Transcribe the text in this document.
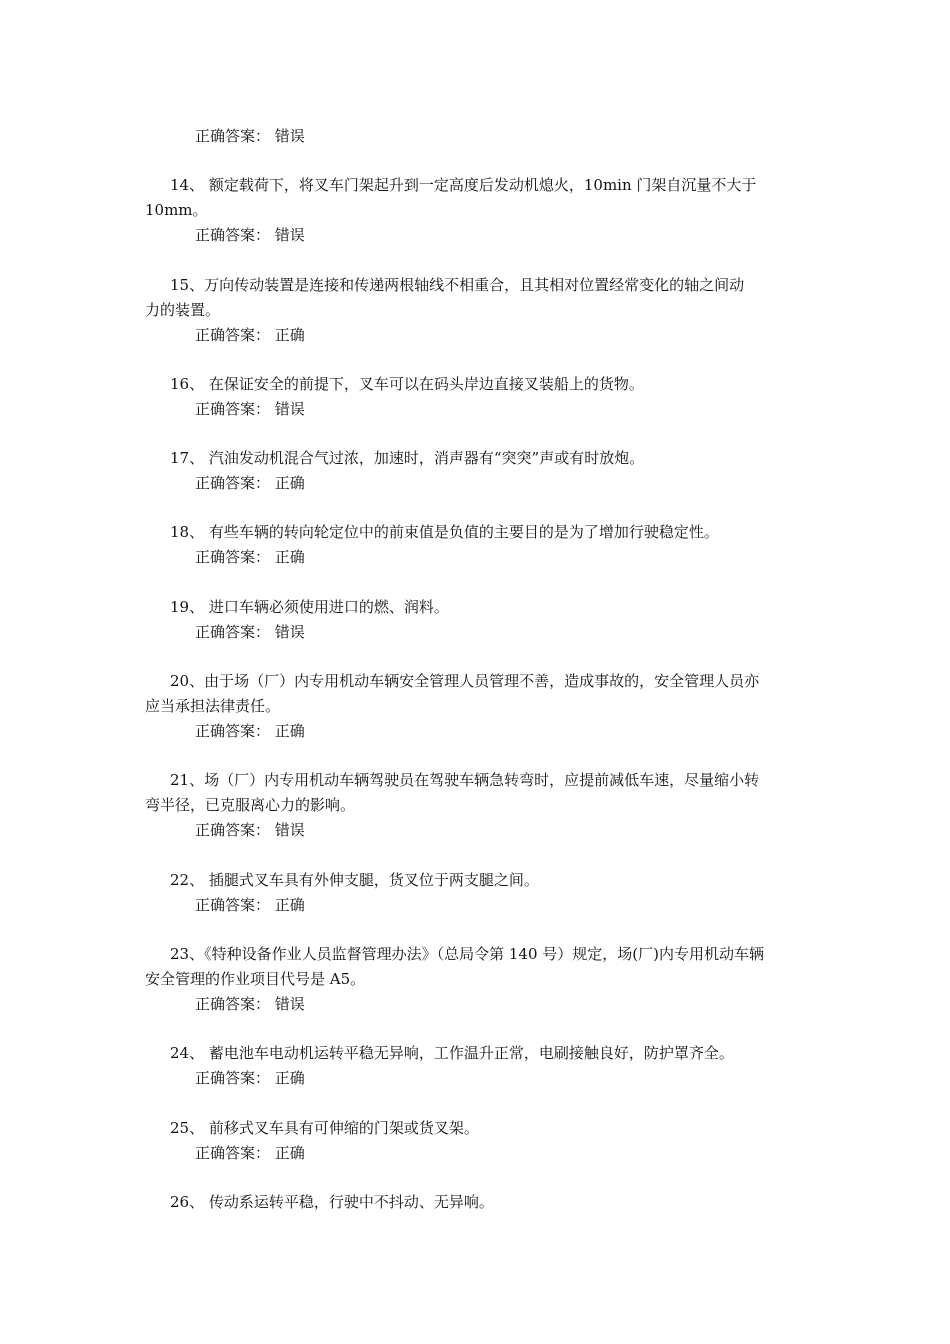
正确答案： 错误
14、 额定载荷下，将叉车门架起升到一定高度后发动机熄火，10min 门架自沉量不大于
10mm。
正确答案： 错误
15、万向传动装置是连接和传递两根轴线不相重合，且其相对位置经常变化的轴之间动
力的装置。
正确答案： 正确
16、 在保证安全的前提下，叉车可以在码头岸边直接叉装船上的货物。
正确答案： 错误
17、 汽油发动机混合气过浓，加速时，消声器有“突突”声或有时放炮。
正确答案： 正确
18、 有些车辆的转向轮定位中的前束值是负值的主要目的是为了增加行驶稳定性。
正确答案： 正确
19、 进口车辆必须使用进口的燃、润料。
正确答案： 错误
20、由于场（厂）内专用机动车辆安全管理人员管理不善，造成事故的，安全管理人员亦
应当承担法律责任。
正确答案： 正确
21、场（厂）内专用机动车辆驾驶员在驾驶车辆急转弯时，应提前减低车速，尽量缩小转
弯半径，已克服离心力的影响。
正确答案： 错误
22、 插腿式叉车具有外伸支腿，货叉位于两支腿之间。
正确答案： 正确
23、《特种设备作业人员监督管理办法》（总局令第 140 号）规定，场(厂)内专用机动车辆
安全管理的作业项目代号是 A5。
正确答案： 错误
24、 蓄电池车电动机运转平稳无异响，工作温升正常，电刷接触良好，防护罩齐全。
正确答案： 正确
25、 前移式叉车具有可伸缩的门架或货叉架。
正确答案： 正确
26、 传动系运转平稳，行驶中不抖动、无异响。
